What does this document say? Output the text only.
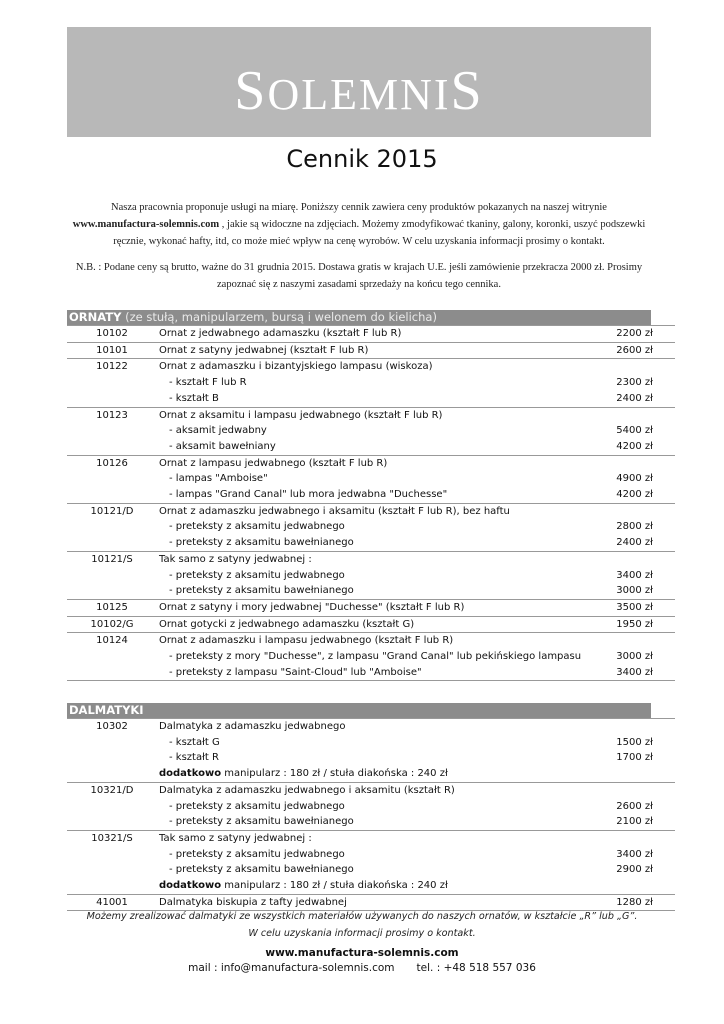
SOLEMNIS
MANUFACTURA LITURGICA
Cennik 2015

Nasza pracownia proponuje usługi na miarę. Poniższy cennik zawiera ceny produktów pokazanych na naszej witrynie www.manufactura-solemnis.com , jakie są widoczne na zdjęciach. Możemy zmodyfikować tkaniny, galony, koronki, uszyć podszewki ręcznie, wykonać hafty, itd, co może mieć wpływ na cenę wyrobów. W celu uzyskania informacji prosimy o kontakt.

N.B. : Podane ceny są brutto, ważne do 31 grudnia 2015. Dostawa gratis w krajach U.E. jeśli zamówienie przekracza 2000 zł. Prosimy zapoznać się z naszymi zasadami sprzedaży na końcu tego cennika.

ORNATY (ze stułą, manipularzem, bursą i welonem do kielicha)
10102	Ornat z jedwabnego adamaszku (kształt F lub R)	2200 zł
10101	Ornat z satyny jedwabnej (kształt F lub R)	2600 zł
10122	Ornat z adamaszku i bizantyjskiego lampasu (wiskoza)	
	- kształt F lub R	2300 zł
	- kształt B	2400 zł
10123	Ornat z aksamitu i lampasu jedwabnego (kształt F lub R)	
	- aksamit jedwabny	5400 zł
	- aksamit bawełniany	4200 zł
10126	Ornat z lampasu jedwabnego (kształt F lub R)	
	- lampas "Amboise"	4900 zł
	- lampas "Grand Canal" lub mora jedwabna "Duchesse"	4200 zł
10121/D	Ornat z adamaszku jedwabnego i aksamitu (kształt F lub R), bez haftu	
	- preteksty z aksamitu jedwabnego	2800 zł
	- preteksty z aksamitu bawełnianego	2400 zł
10121/S	Tak samo z satyny jedwabnej :	
	- preteksty z aksamitu jedwabnego	3400 zł
	- preteksty z aksamitu bawełnianego	3000 zł
10125	Ornat z satyny i mory jedwabnej "Duchesse" (kształt F lub R)	3500 zł
10102/G	Ornat gotycki z jedwabnego adamaszku (kształt G)	1950 zł
10124	Ornat z adamaszku i lampasu jedwabnego (kształt F lub R)	
	- preteksty z mory "Duchesse", z lampasu "Grand Canal" lub pekińskiego lampasu	3000 zł
	- preteksty z lampasu "Saint-Cloud" lub "Amboise"	3400 zł
DALMATYKI
10302	Dalmatyka z adamaszku jedwabnego	
	- kształt G	1500 zł
	- kształt R	1700 zł
	dodatkowo manipularz : 180 zł / stuła diakońska : 240 zł	
10321/D	Dalmatyka z adamaszku jedwabnego i aksamitu (kształt R)	
	- preteksty z aksamitu jedwabnego	2600 zł
	- preteksty z aksamitu bawełnianego	2100 zł
10321/S	Tak samo z satyny jedwabnej :	
	- preteksty z aksamitu jedwabnego	3400 zł
	- preteksty z aksamitu bawełnianego	2900 zł
	dodatkowo manipularz : 180 zł / stuła diakońska : 240 zł	
41001	Dalmatyka biskupia z tafty jedwabnej	1280 zł
Możemy zrealizować dalmatyki ze wszystkich materiałów używanych do naszych ornatów, w kształcie „R” lub „G”.
W celu uzyskania informacji prosimy o kontakt.
www.manufactura-solemnis.com
mail : info@manufactura-solemnis.com tel. : +48 518 557 036
